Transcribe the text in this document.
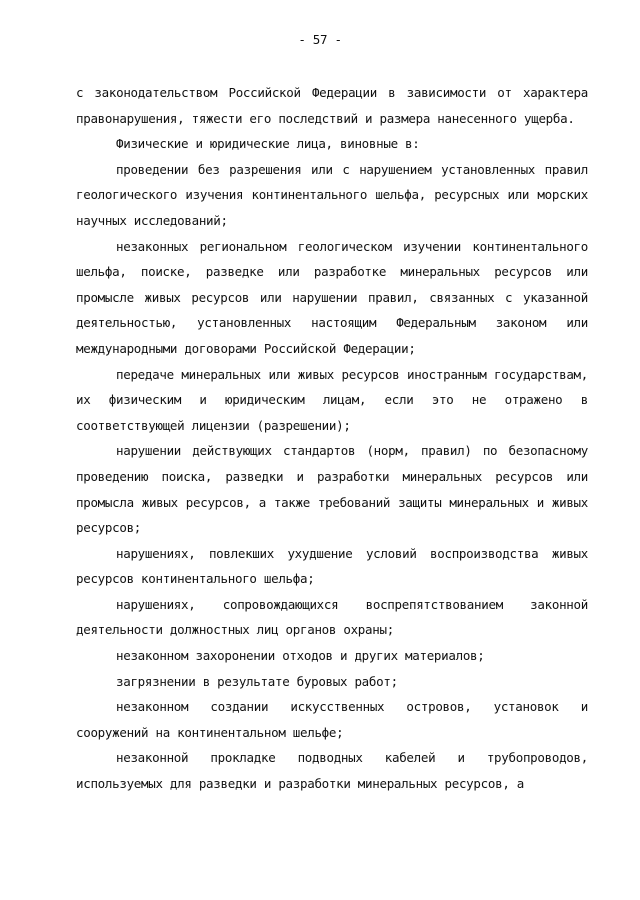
- 57 -

с законодательством Российской Федерации в зависимости от характера правонарушения, тяжести его последствий и размера нанесенного ущерба.

Физические и юридические лица, виновные в:

проведении без разрешения или с нарушением установленных правил геологического изучения континентального шельфа, ресурсных или морских научных исследований;

незаконных региональном геологическом изучении континентального шельфа, поиске, разведке или разработке минеральных ресурсов или промысле живых ресурсов или нарушении правил, связанных с указанной деятельностью, установленных настоящим Федеральным законом или международными договорами Российской Федерации;

передаче минеральных или живых ресурсов иностранным государствам, их физическим и юридическим лицам, если это не отражено в соответствующей лицензии (разрешении);

нарушении действующих стандартов (норм, правил) по безопасному проведению поиска, разведки и разработки минеральных ресурсов или промысла живых ресурсов, а также требований защиты минеральных и живых ресурсов;

нарушениях, повлекших ухудшение условий воспроизводства живых ресурсов континентального шельфа;

нарушениях, сопровождающихся воспрепятствованием законной деятельности должностных лиц органов охраны;

незаконном захоронении отходов и других материалов;

загрязнении в результате буровых работ;

незаконном создании искусственных островов, установок и сооружений на континентальном шельфе;

незаконной прокладке подводных кабелей и трубопроводов, используемых для разведки и разработки минеральных ресурсов, а
